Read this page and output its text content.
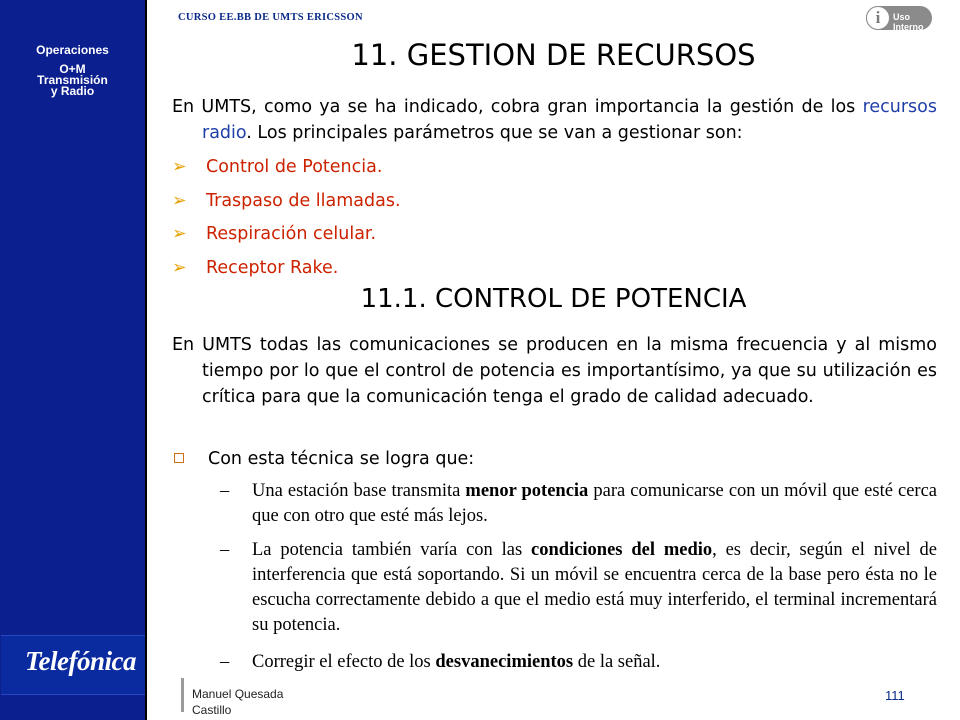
Operaciones
O+M
Transmisión
y Radio
Telefónica
CURSO EE.BB DE UMTS ERICSSON	i	Uso Interno
11. GESTION DE RECURSOS
En UMTS, como ya se ha indicado, cobra gran importancia la gestión de los recursos radio. Los principales parámetros que se van a gestionar son:
➢ Control de Potencia.
➢ Traspaso de llamadas.
➢ Respiración celular.
➢ Receptor Rake.
11.1. CONTROL DE POTENCIA
En UMTS todas las comunicaciones se producen en la misma frecuencia y al mismo tiempo por lo que el control de potencia es importantísimo, ya que su utilización es crítica para que la comunicación tenga el grado de calidad adecuado.
Con esta técnica se logra que:
– Una estación base transmita menor potencia para comunicarse con un móvil que esté cerca que con otro que esté más lejos.
– La potencia también varía con las condiciones del medio, es decir, según el nivel de interferencia que está soportando. Si un móvil se encuentra cerca de la base pero ésta no le escucha correctamente debido a que el medio está muy interferido, el terminal incrementará su potencia.
– Corregir el efecto de los desvanecimientos de la señal.
Manuel Quesada
Castillo
111
